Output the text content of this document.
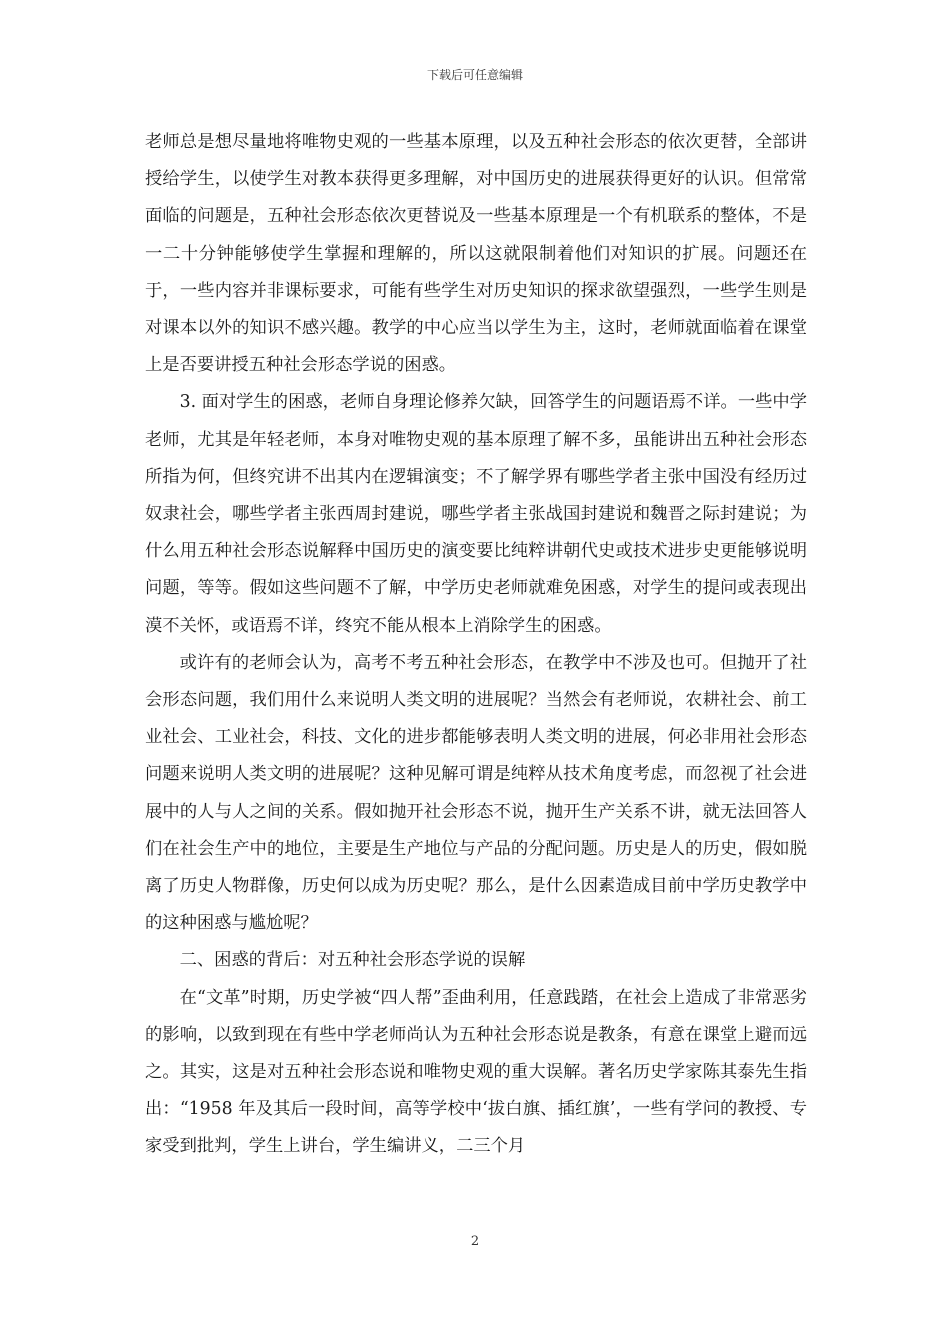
下载后可任意编辑

老师总是想尽量地将唯物史观的一些基本原理，以及五种社会形态的依次更替，全部讲授给学生，以使学生对教本获得更多理解，对中国历史的进展获得更好的认识。但常常面临的问题是，五种社会形态依次更替说及一些基本原理是一个有机联系的整体，不是一二十分钟能够使学生掌握和理解的，所以这就限制着他们对知识的扩展。问题还在于，一些内容并非课标要求，可能有些学生对历史知识的探求欲望强烈，一些学生则是对课本以外的知识不感兴趣。教学的中心应当以学生为主，这时，老师就面临着在课堂上是否要讲授五种社会形态学说的困惑。

3. 面对学生的困惑，老师自身理论修养欠缺，回答学生的问题语焉不详。一些中学老师，尤其是年轻老师，本身对唯物史观的基本原理了解不多，虽能讲出五种社会形态所指为何，但终究讲不出其内在逻辑演变；不了解学界有哪些学者主张中国没有经历过奴隶社会，哪些学者主张西周封建说，哪些学者主张战国封建说和魏晋之际封建说；为什么用五种社会形态说解释中国历史的演变要比纯粹讲朝代史或技术进步史更能够说明问题，等等。假如这些问题不了解，中学历史老师就难免困惑，对学生的提问或表现出漠不关怀，或语焉不详，终究不能从根本上消除学生的困惑。

或许有的老师会认为，高考不考五种社会形态，在教学中不涉及也可。但抛开了社会形态问题，我们用什么来说明人类文明的进展呢？当然会有老师说，农耕社会、前工业社会、工业社会，科技、文化的进步都能够表明人类文明的进展，何必非用社会形态问题来说明人类文明的进展呢？这种见解可谓是纯粹从技术角度考虑，而忽视了社会进展中的人与人之间的关系。假如抛开社会形态不说，抛开生产关系不讲，就无法回答人们在社会生产中的地位，主要是生产地位与产品的分配问题。历史是人的历史，假如脱离了历史人物群像，历史何以成为历史呢？那么，是什么因素造成目前中学历史教学中的这种困惑与尴尬呢？

二、困惑的背后：对五种社会形态学说的误解

在“文革”时期，历史学被“四人帮”歪曲利用，任意践踏，在社会上造成了非常恶劣的影响，以致到现在有些中学老师尚认为五种社会形态说是教条，有意在课堂上避而远之。其实，这是对五种社会形态说和唯物史观的重大误解。著名历史学家陈其泰先生指出：“1958 年及其后一段时间，高等学校中‘拔白旗、插红旗’，一些有学问的教授、专家受到批判，学生上讲台，学生编讲义，二三个月

2
